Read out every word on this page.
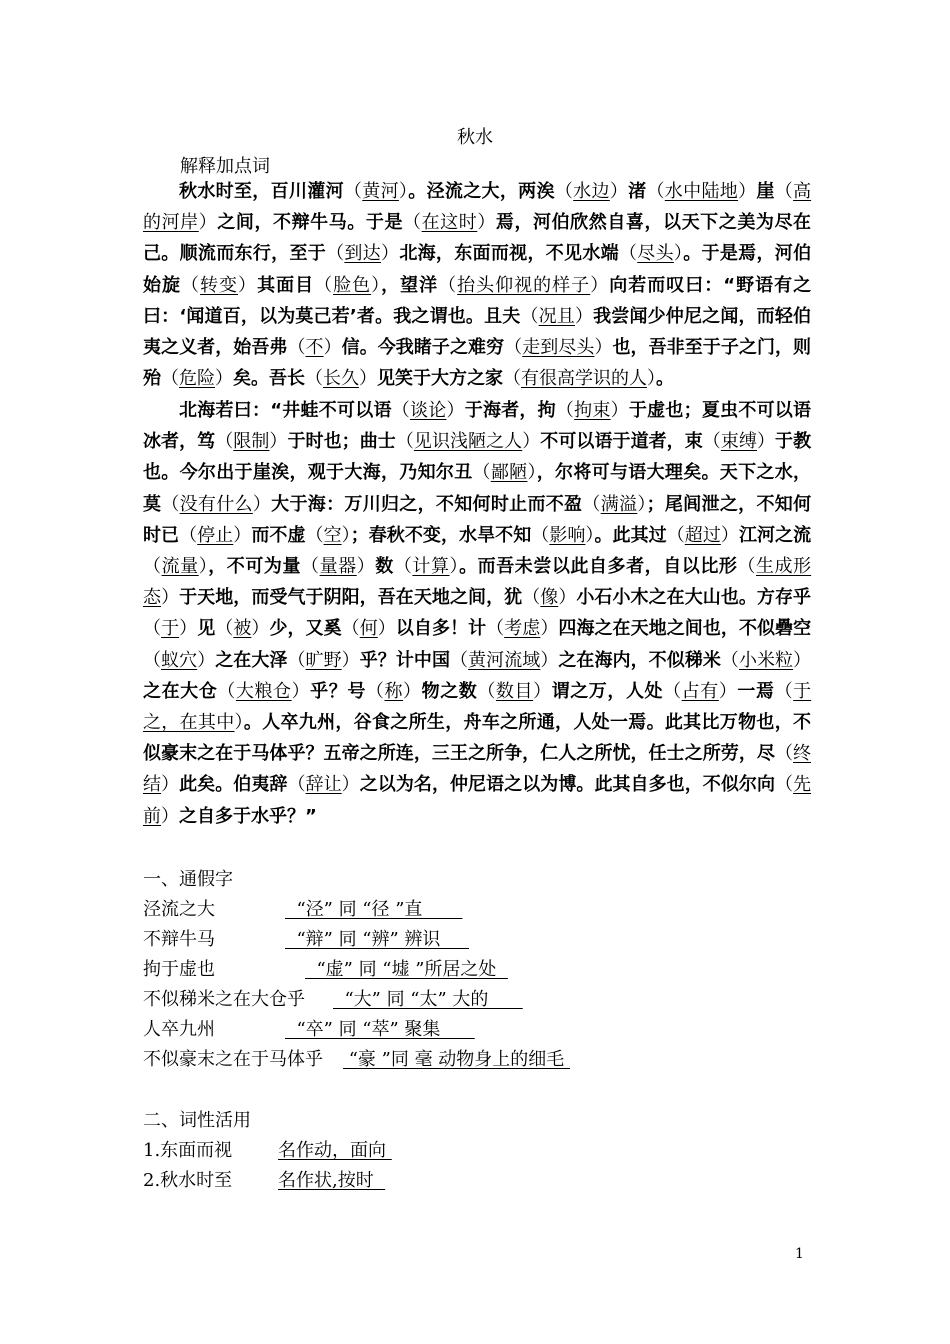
秋水
解释加点词

秋水时至，百川灌河（黄河）。泾流之大，两涘（水边）渚（水中陆地）崖（高的河岸）之间，不辩牛马。于是（在这时）焉，河伯欣然自喜，以天下之美为尽在己。顺流而东行，至于（到达）北海，东面而视，不见水端（尽头）。于是焉，河伯始旋（转变）其面目（脸色），望洋（抬头仰视的样子）向若而叹曰：“野语有之曰：‘闻道百，以为莫己若’者。我之谓也。且夫（况且）我尝闻少仲尼之闻，而轻伯夷之义者，始吾弗（不）信。今我睹子之难穷（走到尽头）也，吾非至于子之门，则殆（危险）矣。吾长（长久）见笑于大方之家（有很高学识的人）。

北海若曰：“井蛙不可以语（谈论）于海者，拘（拘束）于虚也；夏虫不可以语冰者，笃（限制）于时也；曲士（见识浅陋之人）不可以语于道者，束（束缚）于教也。今尔出于崖涘，观于大海，乃知尔丑（鄙陋），尔将可与语大理矣。天下之水，莫（没有什么）大于海：万川归之，不知何时止而不盈（满溢）；尾闾泄之，不知何时已（停止）而不虚（空）；春秋不变，水旱不知（影响）。此其过（超过）江河之流（流量），不可为量（量器）数（计算）。而吾未尝以此自多者，自以比形（生成形态）于天地，而受气于阴阳，吾在天地之间，犹（像）小石小木之在大山也。方存乎（于）见（被）少，又奚（何）以自多！计（考虑）四海之在天地之间也，不似礨空（蚁穴）之在大泽（旷野）乎？计中国（黄河流域）之在海内，不似稊米（小米粒）之在大仓（大粮仓）乎？号（称）物之数（数目）谓之万，人处（占有）一焉（于之，在其中）。人卒九州，谷食之所生，舟车之所通，人处一焉。此其比万物也，不似豪末之在于马体乎？五帝之所连，三王之所争，仁人之所忧，任士之所劳，尽（终结）此矣。伯夷辞（辞让）之以为名，仲尼语之以为博。此其自多也，不似尔向（先前）之自多于水乎？”

一、通假字
泾流之大	“泾” 同 “径 ”直
不辩牛马	“辩” 同 “辨” 辨识
拘于虚也	“虚” 同 “墟 ”所居之处
不似稊米之在大仓乎 “大” 同 “太” 大的
人卒九州	“卒” 同 “萃” 聚集
不似豪末之在于马体乎 “豪 ”同 毫 动物身上的细毛
二、词性活用
1.东面而视	名作动，面向
2.秋水时至	名作状,按时
1
